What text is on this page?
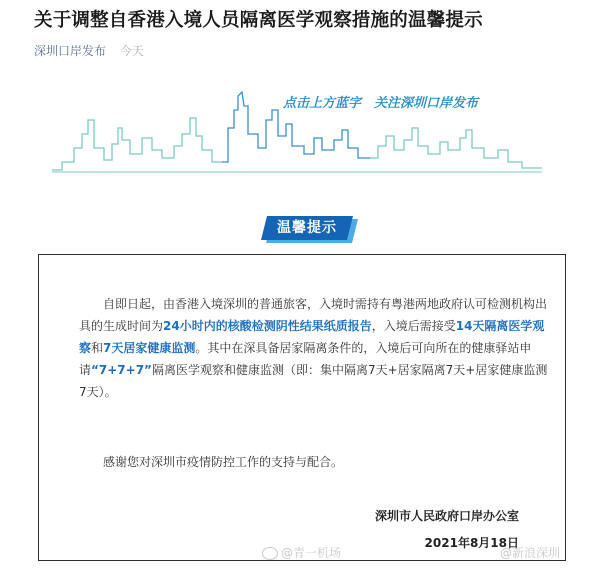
关于调整自香港入境人员隔离医学观察措施的温馨提示
深圳口岸发布 今天
点击上方蓝字　关注深圳口岸发布
温馨提示
自即日起，由香港入境深圳的普通旅客，入境时需持有粤港两地政府认可检测机构出具的生成时间为24小时内的核酸检测阴性结果纸质报告，入境后需接受14天隔离医学观察和7天居家健康监测。其中在深具备居家隔离条件的，入境后可向所在的健康驿站申请“7+7+7”隔离医学观察和健康监测（即：集中隔离7天+居家隔离7天+居家健康监测7天）。
感谢您对深圳市疫情防控工作的支持与配合。
深圳市人民政府口岸办公室
2021年8月18日
@青一机场	@新浪深圳
